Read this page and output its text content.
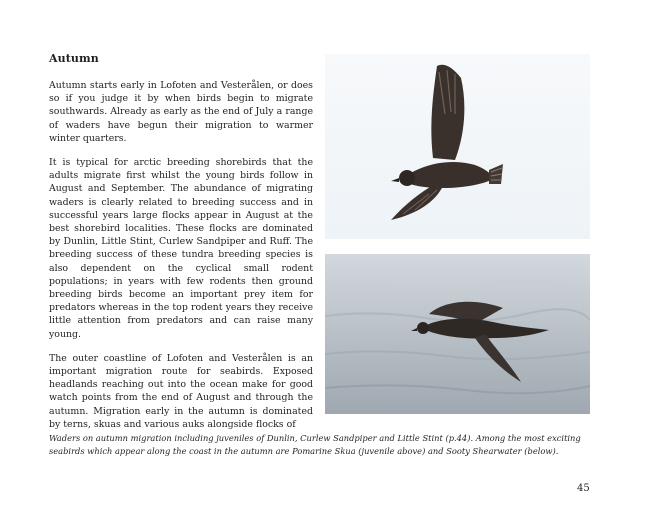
Autumn

Autumn starts early in Lofoten and Vesterålen, or does so if you judge it by when birds begin to migrate southwards. Already as early as the end of July a range of waders have begun their migration to warmer winter quarters.

It is typical for arctic breeding shorebirds that the adults migrate first whilst the young birds follow in August and September. The abundance of migrating waders is clearly related to breeding success and in successful years large flocks appear in August at the best shorebird localities. These flocks are dominated by Dunlin, Little Stint, Curlew Sandpiper and Ruff. The breeding success of these tundra breeding species is also dependent on the cyclical small rodent populations; in years with few rodents then ground breeding birds become an important prey item for predators whereas in the top rodent years they receive little attention from predators and can raise many young.

The outer coastline of Lofoten and Vesterålen is an important migration route for seabirds. Exposed headlands reaching out into the ocean make for good watch points from the end of August and through the autumn. Migration early in the autumn is dominated by terns, skuas and various auks alongside flocks of

Waders on autumn migration including juveniles of Dunlin, Curlew Sandpiper and Little Stint (p.44). Among the most exciting

seabirds which appear along the coast in the autumn are Pomarine Skua (juvenile above) and Sooty Shearwater (below).

45
